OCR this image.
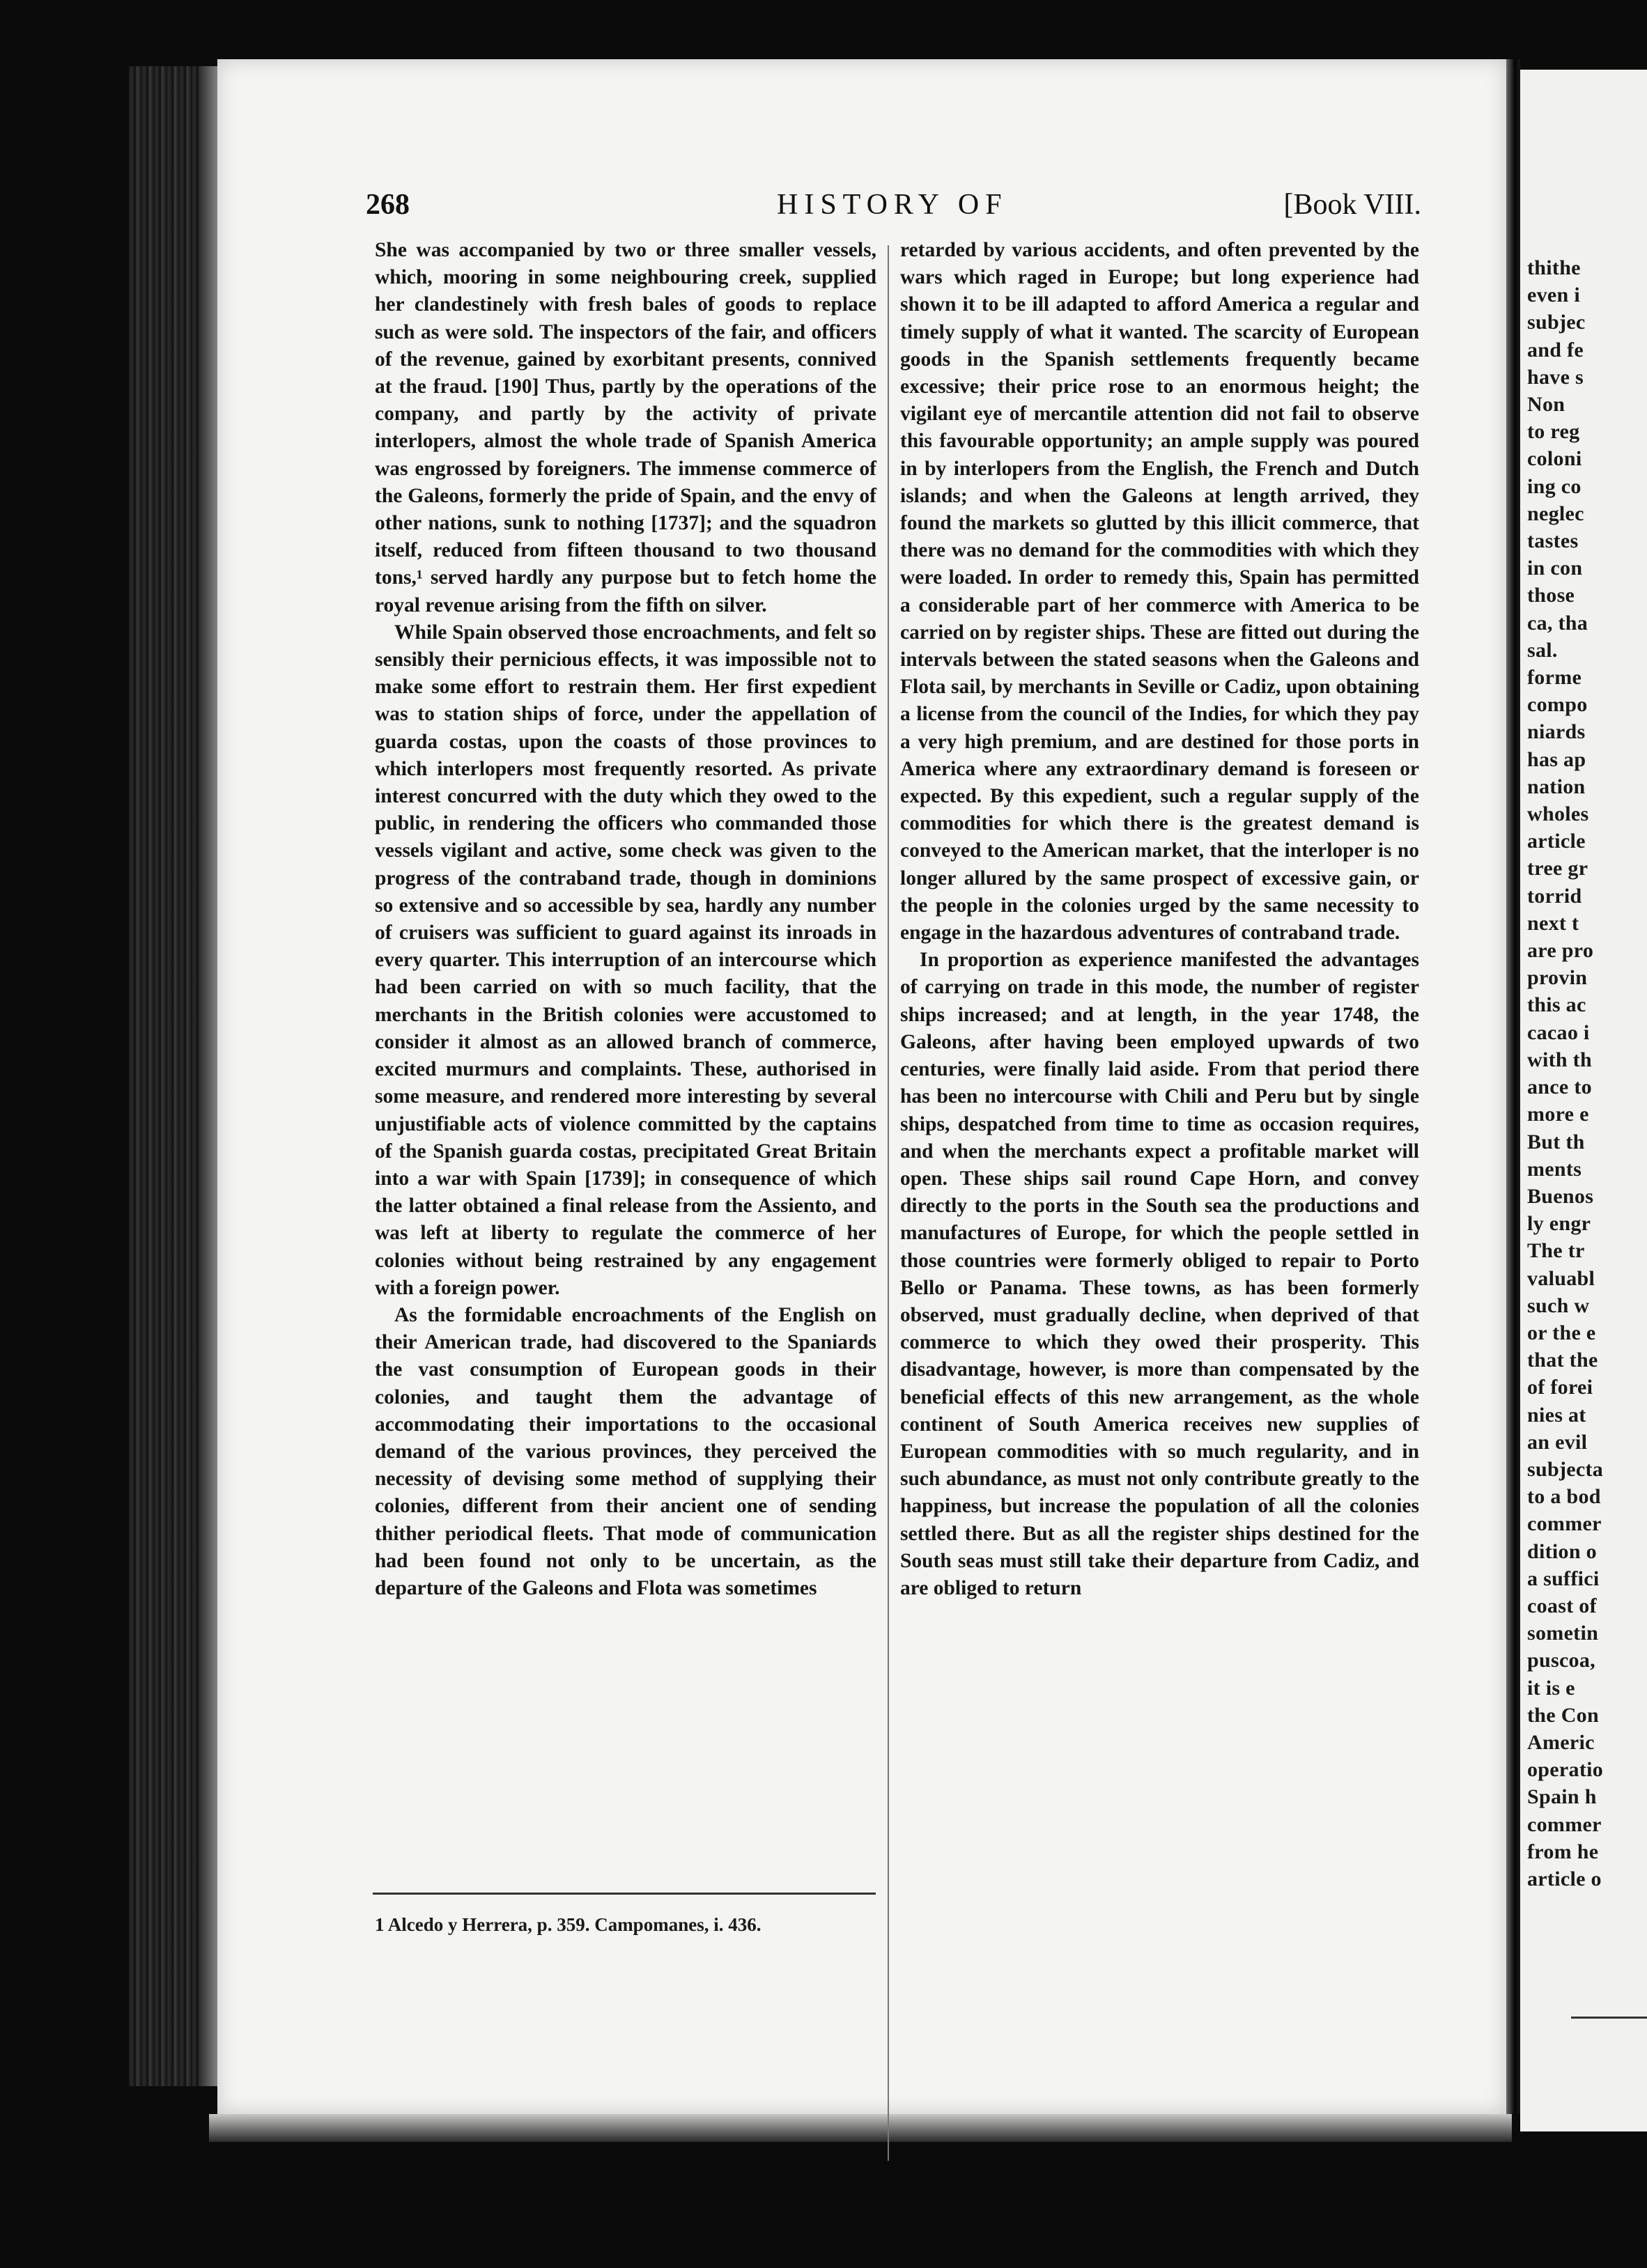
268	HISTORY OF	[Book VIII.

She was accompanied by two or three smaller vessels, which, mooring in some neighbouring creek, supplied her clandestinely with fresh bales of goods to replace such as were sold. The inspectors of the fair, and officers of the revenue, gained by exorbitant presents, connived at the fraud. [190] Thus, partly by the operations of the company, and partly by the activity of private interlopers, almost the whole trade of Spanish America was engrossed by foreigners. The immense commerce of the Galeons, formerly the pride of Spain, and the envy of other nations, sunk to nothing [1737]; and the squadron itself, reduced from fifteen thousand to two thousand tons,¹ served hardly any purpose but to fetch home the royal revenue arising from the fifth on silver.

While Spain observed those encroachments, and felt so sensibly their pernicious effects, it was impossible not to make some effort to restrain them. Her first expedient was to station ships of force, under the appellation of guarda costas, upon the coasts of those provinces to which interlopers most frequently resorted. As private interest concurred with the duty which they owed to the public, in rendering the officers who commanded those vessels vigilant and active, some check was given to the progress of the contraband trade, though in dominions so extensive and so accessible by sea, hardly any number of cruisers was sufficient to guard against its inroads in every quarter. This interruption of an intercourse which had been carried on with so much facility, that the merchants in the British colonies were accustomed to consider it almost as an allowed branch of commerce, excited murmurs and complaints. These, authorised in some measure, and rendered more interesting by several unjustifiable acts of violence committed by the captains of the Spanish guarda costas, precipitated Great Britain into a war with Spain [1739]; in consequence of which the latter obtained a final release from the Assiento, and was left at liberty to regulate the commerce of her colonies without being restrained by any engagement with a foreign power.

As the formidable encroachments of the English on their American trade, had discovered to the Spaniards the vast consumption of European goods in their colonies, and taught them the advantage of accommodating their importations to the occasional demand of the various provinces, they perceived the necessity of devising some method of supplying their colonies, different from their ancient one of sending thither periodical fleets. That mode of communication had been found not only to be uncertain, as the departure of the Galeons and Flota was sometimes

retarded by various accidents, and often prevented by the wars which raged in Europe; but long experience had shown it to be ill adapted to afford America a regular and timely supply of what it wanted. The scarcity of European goods in the Spanish settlements frequently became excessive; their price rose to an enormous height; the vigilant eye of mercantile attention did not fail to observe this favourable opportunity; an ample supply was poured in by interlopers from the English, the French and Dutch islands; and when the Galeons at length arrived, they found the markets so glutted by this illicit commerce, that there was no demand for the commodities with which they were loaded. In order to remedy this, Spain has permitted a considerable part of her commerce with America to be carried on by register ships. These are fitted out during the intervals between the stated seasons when the Galeons and Flota sail, by merchants in Seville or Cadiz, upon obtaining a license from the council of the Indies, for which they pay a very high premium, and are destined for those ports in America where any extraordinary demand is foreseen or expected. By this expedient, such a regular supply of the commodities for which there is the greatest demand is conveyed to the American market, that the interloper is no longer allured by the same prospect of excessive gain, or the people in the colonies urged by the same necessity to engage in the hazardous adventures of contraband trade.

In proportion as experience manifested the advantages of carrying on trade in this mode, the number of register ships increased; and at length, in the year 1748, the Galeons, after having been employed upwards of two centuries, were finally laid aside. From that period there has been no intercourse with Chili and Peru but by single ships, despatched from time to time as occasion requires, and when the merchants expect a profitable market will open. These ships sail round Cape Horn, and convey directly to the ports in the South sea the productions and manufactures of Europe, for which the people settled in those countries were formerly obliged to repair to Porto Bello or Panama. These towns, as has been formerly observed, must gradually decline, when deprived of that commerce to which they owed their prosperity. This disadvantage, however, is more than compensated by the beneficial effects of this new arrangement, as the whole continent of South America receives new supplies of European commodities with so much regularity, and in such abundance, as must not only contribute greatly to the happiness, but increase the population of all the colonies settled there. But as all the register ships destined for the South seas must still take their departure from Cadiz, and are obliged to return

1 Alcedo y Herrera, p. 359. Campomanes, i. 436.

thithe
even i
subjec
and fe
have s
Non
to reg
coloni
ing co
neglec
tastes
in con
those
ca, tha
sal.
forme
compo
niards
has ap
nation
wholes
article
tree gr
torrid
next t
are pro
provin
this ac
cacao i
with th
ance to
more e
But th
ments
Buenos
ly engr
The tr
valuabl
such w
or the e
that the
of forei
nies at
an evil
subjecta
to a bod
commer
dition o
a suffici
coast of
sometin
puscoa,
it is e
the Con
Americ
operatio
Spain h
commer
from he
article o
